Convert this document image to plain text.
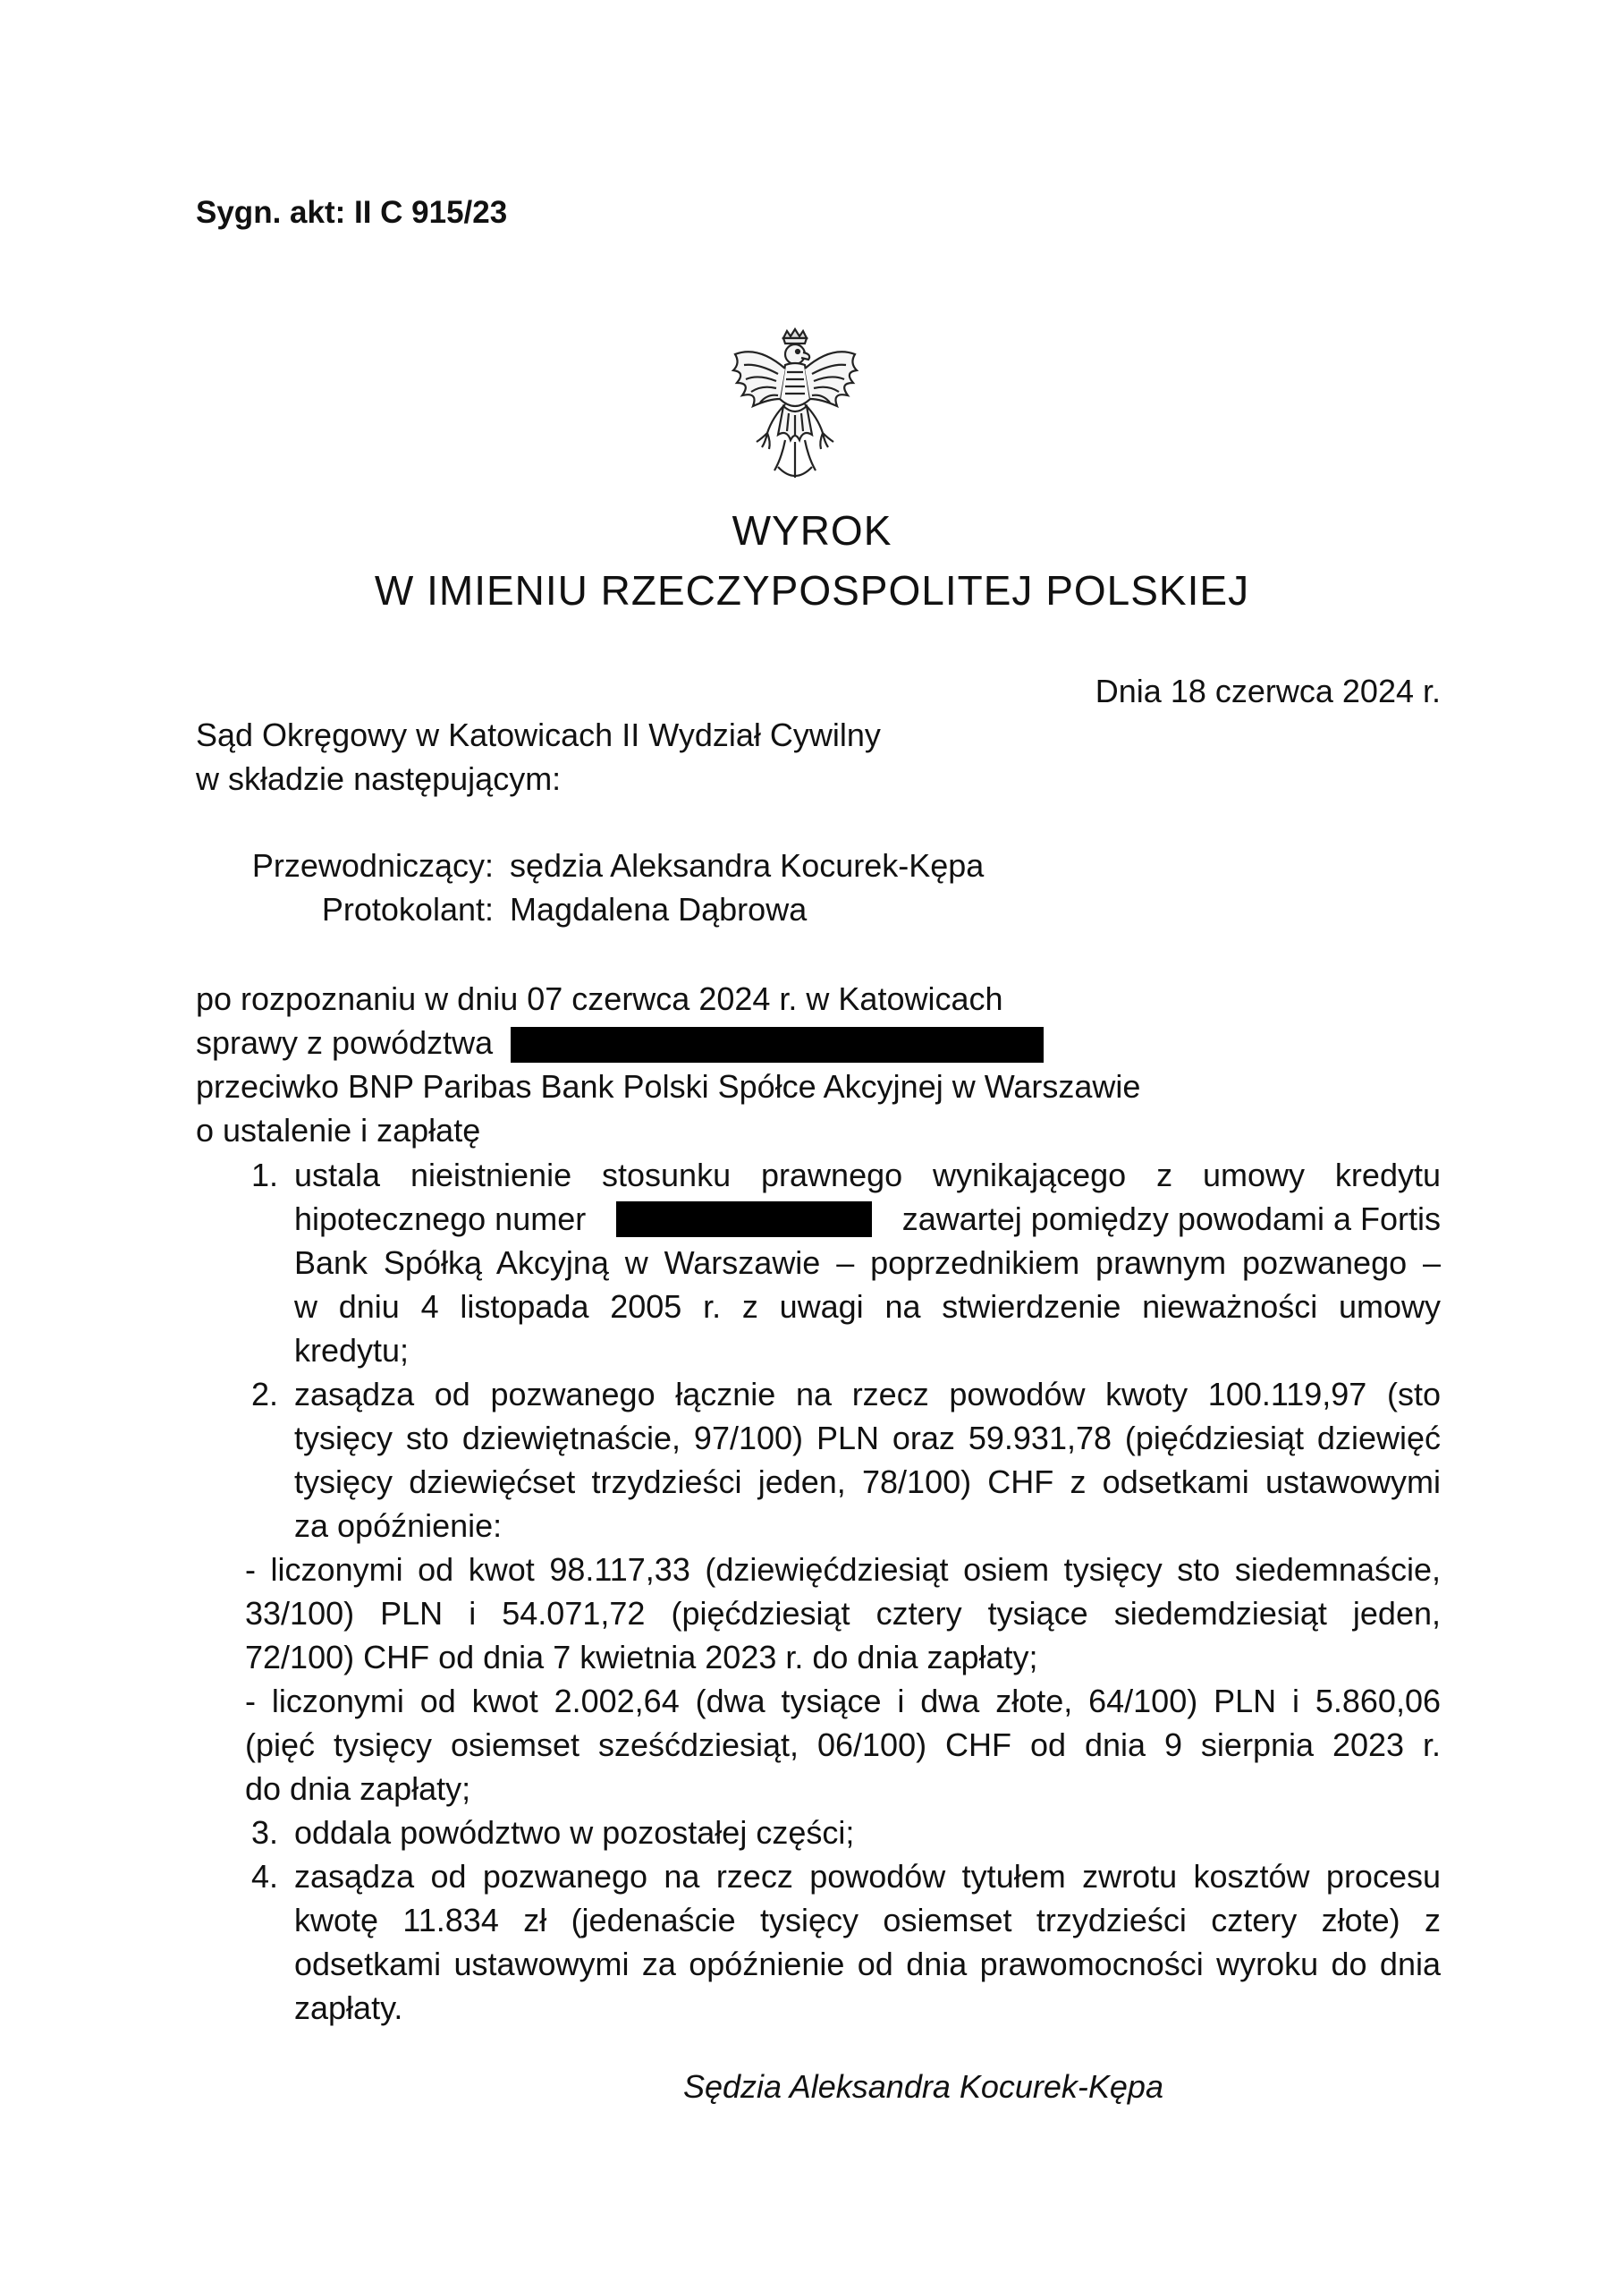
Sygn. akt: II C 915/23
WYROK
W IMIENIU RZECZYPOSPOLITEJ POLSKIEJ
Dnia 18 czerwca 2024 r.
Sąd Okręgowy w Katowicach II Wydział Cywilny
w składzie następującym:
Przewodniczący: sędzia Aleksandra Kocurek-Kępa
Protokolant: Magdalena Dąbrowa
po rozpoznaniu w dniu 07 czerwca 2024 r. w Katowicach
sprawy z powództwa
przeciwko BNP Paribas Bank Polski Spółce Akcyjnej w Warszawie
o ustalenie i zapłatę
1. ustala nieistnienie stosunku prawnego wynikającego z umowy kredytu
hipotecznego numer	zawartej pomiędzy powodami a Fortis
Bank Spółką Akcyjną w Warszawie – poprzednikiem prawnym pozwanego –
w dniu 4 listopada 2005 r. z uwagi na stwierdzenie nieważności umowy
kredytu;
2. zasądza od pozwanego łącznie na rzecz powodów kwoty 100.119,97 (sto
tysięcy sto dziewiętnaście, 97/100) PLN oraz 59.931,78 (pięćdziesiąt dziewięć
tysięcy dziewięćset trzydzieści jeden, 78/100) CHF z odsetkami ustawowymi
za opóźnienie:
- liczonymi od kwot 98.117,33 (dziewięćdziesiąt osiem tysięcy sto siedemnaście,
33/100) PLN i 54.071,72 (pięćdziesiąt cztery tysiące siedemdziesiąt jeden,
72/100) CHF od dnia 7 kwietnia 2023 r. do dnia zapłaty;
- liczonymi od kwot 2.002,64 (dwa tysiące i dwa złote, 64/100) PLN i 5.860,06
(pięć tysięcy osiemset sześćdziesiąt, 06/100) CHF od dnia 9 sierpnia 2023 r.
do dnia zapłaty;
3. oddala powództwo w pozostałej części;
4. zasądza od pozwanego na rzecz powodów tytułem zwrotu kosztów procesu
kwotę 11.834 zł (jedenaście tysięcy osiemset trzydzieści cztery złote) z
odsetkami ustawowymi za opóźnienie od dnia prawomocności wyroku do dnia
zapłaty.
Sędzia Aleksandra Kocurek-Kępa
